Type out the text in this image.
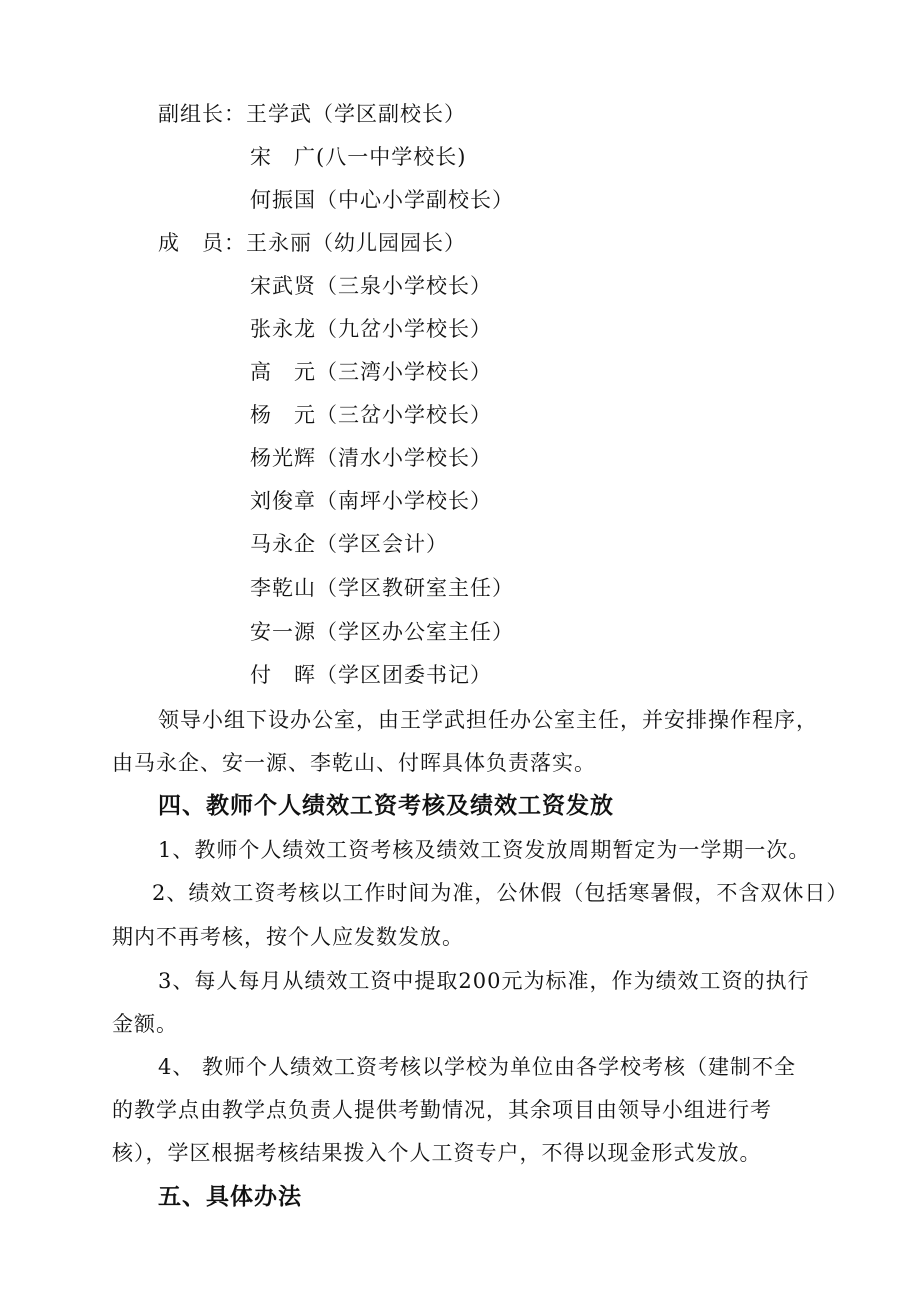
副组长：王学武（学区副校长）
宋　广(八一中学校长)
何振国（中心小学副校长）
成　员：王永丽（幼儿园园长）
宋武贤（三泉小学校长）
张永龙（九岔小学校长）
高　元（三湾小学校长）
杨　元（三岔小学校长）
杨光辉（清水小学校长）
刘俊章（南坪小学校长）
马永企（学区会计）
李乾山（学区教研室主任）
安一源（学区办公室主任）
付　晖（学区团委书记）
领导小组下设办公室，由王学武担任办公室主任，并安排操作程序，
由马永企、安一源、李乾山、付晖具体负责落实。
四、教师个人绩效工资考核及绩效工资发放
1、教师个人绩效工资考核及绩效工资发放周期暂定为一学期一次。
2、绩效工资考核以工作时间为准，公休假（包括寒暑假，不含双休日）
期内不再考核，按个人应发数发放。
3、每人每月从绩效工资中提取200元为标准，作为绩效工资的执行
金额。
4、 教师个人绩效工资考核以学校为单位由各学校考核（建制不全
的教学点由教学点负责人提供考勤情况，其余项目由领导小组进行考
核），学区根据考核结果拨入个人工资专户，不得以现金形式发放。
五、具体办法
